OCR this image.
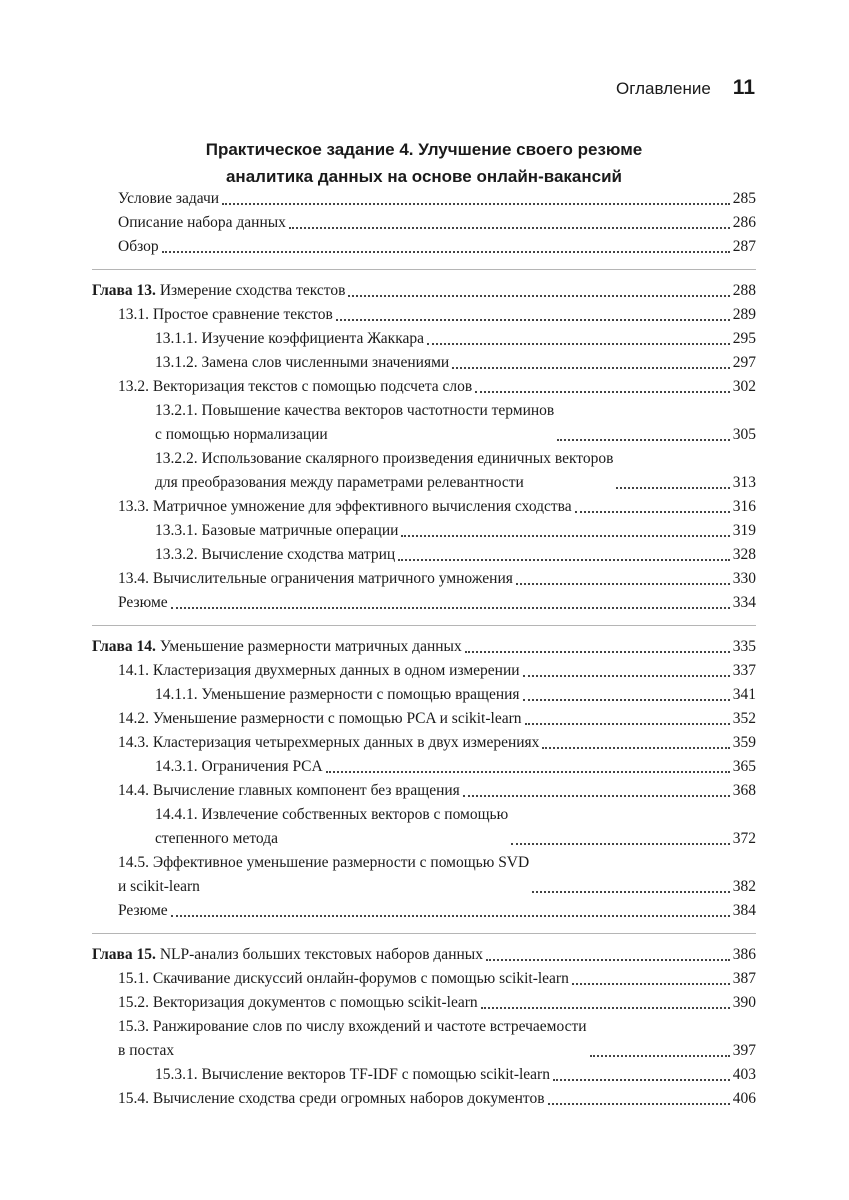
Оглавление 11
Практическое задание 4. Улучшение своего резюме
аналитика данных на основе онлайн-вакансий
Условие задачи	285
Описание набора данных	286
Обзор	287
Глава 13. Измерение сходства текстов	288
13.1. Простое сравнение текстов	289
13.1.1. Изучение коэффициента Жаккара	295
13.1.2. Замена слов численными значениями	297
13.2. Векторизация текстов с помощью подсчета слов	302
13.2.1. Повышение качества векторов частотности терминов
с помощью нормализации	305
13.2.2. Использование скалярного произведения единичных векторов
для преобразования между параметрами релевантности	313
13.3. Матричное умножение для эффективного вычисления сходства	316
13.3.1. Базовые матричные операции	319
13.3.2. Вычисление сходства матриц	328
13.4. Вычислительные ограничения матричного умножения	330
Резюме	334
Глава 14. Уменьшение размерности матричных данных	335
14.1. Кластеризация двухмерных данных в одном измерении	337
14.1.1. Уменьшение размерности с помощью вращения	341
14.2. Уменьшение размерности с помощью PCA и scikit-learn	352
14.3. Кластеризация четырехмерных данных в двух измерениях	359
14.3.1. Ограничения PCA	365
14.4. Вычисление главных компонент без вращения	368
14.4.1. Извлечение собственных векторов с помощью
степенного метода	372
14.5. Эффективное уменьшение размерности с помощью SVD
и scikit-learn	382
Резюме	384
Глава 15. NLP-анализ больших текстовых наборов данных	386
15.1. Скачивание дискуссий онлайн-форумов с помощью scikit-learn	387
15.2. Векторизация документов с помощью scikit-learn	390
15.3. Ранжирование слов по числу вхождений и частоте встречаемости
в постах	397
15.3.1. Вычисление векторов TF-IDF с помощью scikit-learn	403
15.4. Вычисление сходства среди огромных наборов документов	406
